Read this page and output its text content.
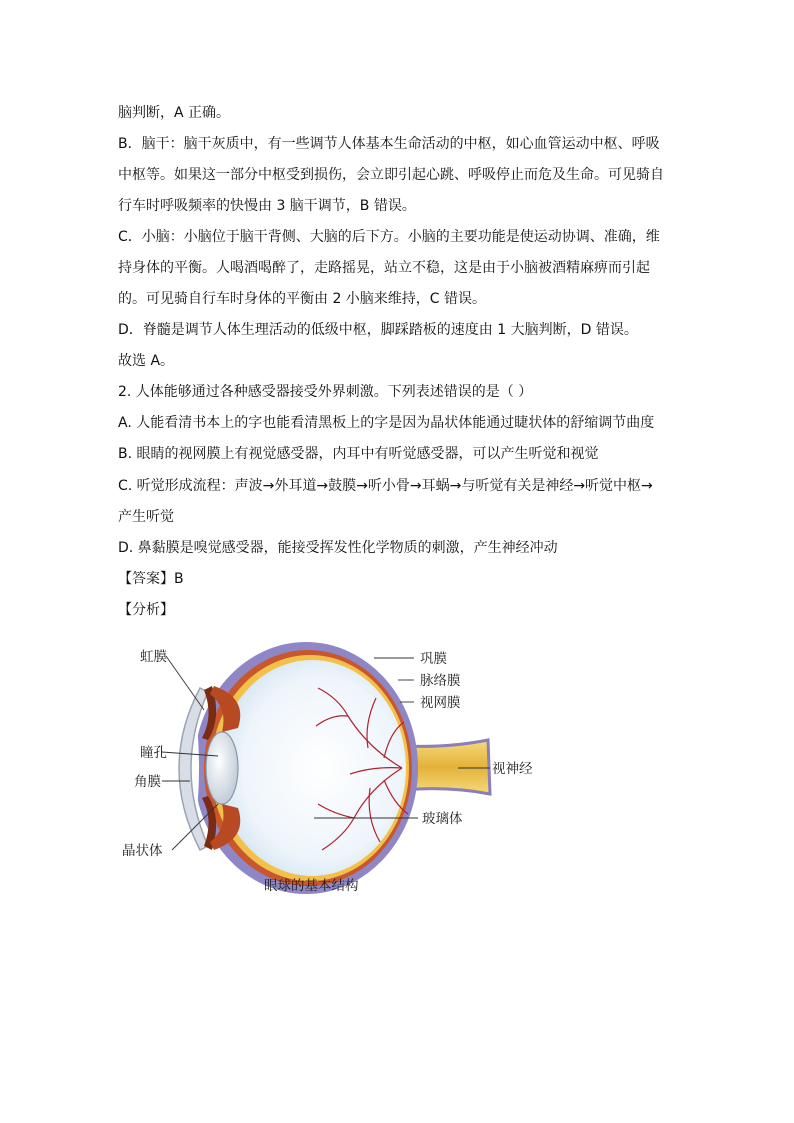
脑判断，A 正确。
B．脑干：脑干灰质中，有一些调节人体基本生命活动的中枢，如心血管运动中枢、呼吸
中枢等。如果这一部分中枢受到损伤，会立即引起心跳、呼吸停止而危及生命。可见骑自
行车时呼吸频率的快慢由 3 脑干调节，B 错误。
C．小脑：小脑位于脑干背侧、大脑的后下方。小脑的主要功能是使运动协调、准确，维
持身体的平衡。人喝酒喝醉了，走路摇晃，站立不稳，这是由于小脑被酒精麻痹而引起
的。可见骑自行车时身体的平衡由 2 小脑来维持，C 错误。
D．脊髓是调节人体生理活动的低级中枢，脚踩踏板的速度由 1 大脑判断，D 错误。
故选 A。
2. 人体能够通过各种感受器接受外界刺激。下列表述错误的是（ ）
A. 人能看清书本上的字也能看清黑板上的字是因为晶状体能通过睫状体的舒缩调节曲度
B. 眼睛的视网膜上有视觉感受器，内耳中有听觉感受器，可以产生听觉和视觉
C. 听觉形成流程：声波→外耳道→鼓膜→听小骨→耳蜗→与听觉有关是神经→听觉中枢→
产生听觉
D. 鼻黏膜是嗅觉感受器，能接受挥发性化学物质的刺激，产生神经冲动
【答案】B
【分析】
虹膜
瞳孔
角膜
晶状体
巩膜
脉络膜
视网膜
视神经
玻璃体
眼球的基本结构
